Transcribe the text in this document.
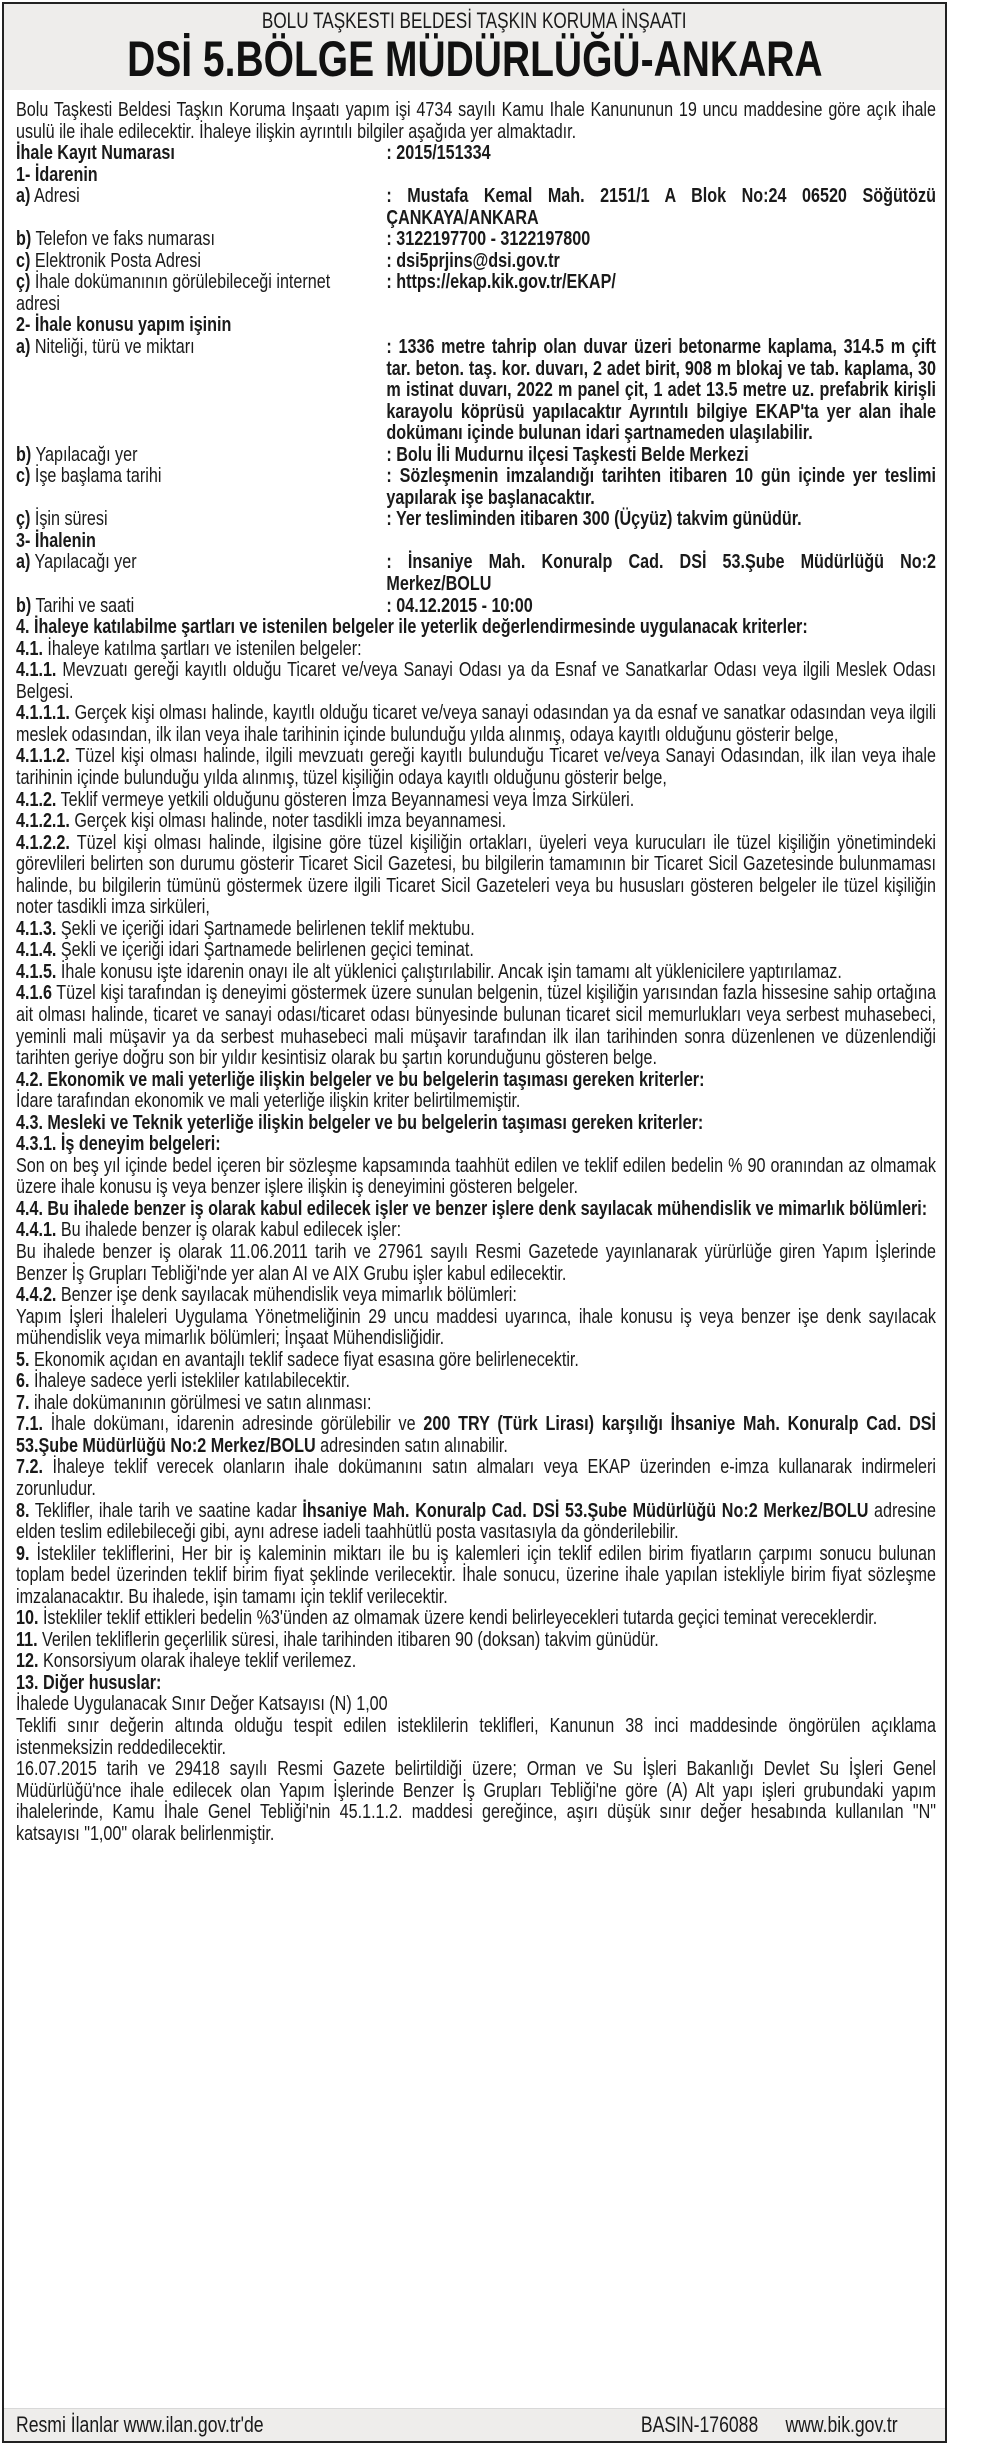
BOLU TAŞKESTI BELDESİ TAŞKIN KORUMA İNŞAATI
DSİ 5.BÖLGE MÜDÜRLÜĞÜ-ANKARA

Bolu Taşkesti Beldesi Taşkın Koruma İnşaatı yapım işi 4734 sayılı Kamu İhale Kanununun 19 uncu maddesine göre açık ihale usulü ile ihale edilecektir. İhaleye ilişkin ayrıntılı bilgiler aşağıda yer almaktadır.

İhale Kayıt Numarası	: 2015/151334
1- İdarenin
a) Adresi	: Mustafa Kemal Mah. 2151/1 A Blok No:24 06520 Söğütözü ÇANKAYA/ANKARA
b) Telefon ve faks numarası	: 3122197700 - 3122197800
c) Elektronik Posta Adresi	: dsi5prjins@dsi.gov.tr
ç) İhale dokümanının görülebileceği internet adresi
: https://ekap.kik.gov.tr/EKAP/
2- İhale konusu yapım işinin
a) Niteliği, türü ve miktarı	: 1336 metre tahrip olan duvar üzeri betonarme kaplama, 314.5 m çift tar. beton. taş. kor. duvarı, 2 adet birit, 908 m blokaj ve tab. kaplama, 30 m istinat duvarı, 2022 m panel çit, 1 adet 13.5 metre uz. prefabrik kirişli karayolu köprüsü yapılacaktır Ayrıntılı bilgiye EKAP'ta yer alan ihale dokümanı içinde bulunan idari şartnameden ulaşılabilir.
b) Yapılacağı yer	: Bolu İli Mudurnu ilçesi Taşkesti Belde Merkezi
c) İşe başlama tarihi	: Sözleşmenin imzalandığı tarihten itibaren 10 gün içinde yer teslimi yapılarak işe başlanacaktır.
ç) İşin süresi	: Yer tesliminden itibaren 300 (Üçyüz) takvim günüdür.
3- İhalenin
a) Yapılacağı yer	: İnsaniye Mah. Konuralp Cad. DSİ 53.Şube Müdürlüğü No:2 Merkez/BOLU
b) Tarihi ve saati	: 04.12.2015 - 10:00

4. İhaleye katılabilme şartları ve istenilen belgeler ile yeterlik değerlendirmesinde uygulanacak kriterler:

4.1. İhaleye katılma şartları ve istenilen belgeler:

4.1.1. Mevzuatı gereği kayıtlı olduğu Ticaret ve/veya Sanayi Odası ya da Esnaf ve Sanatkarlar Odası veya ilgili Meslek Odası Belgesi.

4.1.1.1. Gerçek kişi olması halinde, kayıtlı olduğu ticaret ve/veya sanayi odasından ya da esnaf ve sanatkar odasından veya ilgili meslek odasından, ilk ilan veya ihale tarihinin içinde bulunduğu yılda alınmış, odaya kayıtlı olduğunu gösterir belge,

4.1.1.2. Tüzel kişi olması halinde, ilgili mevzuatı gereği kayıtlı bulunduğu Ticaret ve/veya Sanayi Odasından, ilk ilan veya ihale tarihinin içinde bulunduğu yılda alınmış, tüzel kişiliğin odaya kayıtlı olduğunu gösterir belge,

4.1.2. Teklif vermeye yetkili olduğunu gösteren İmza Beyannamesi veya İmza Sirküleri.

4.1.2.1. Gerçek kişi olması halinde, noter tasdikli imza beyannamesi.

4.1.2.2. Tüzel kişi olması halinde, ilgisine göre tüzel kişiliğin ortakları, üyeleri veya kurucuları ile tüzel kişiliğin yönetimindeki görevlileri belirten son durumu gösterir Ticaret Sicil Gazetesi, bu bilgilerin tamamının bir Ticaret Sicil Gazetesinde bulunmaması halinde, bu bilgilerin tümünü göstermek üzere ilgili Ticaret Sicil Gazeteleri veya bu hususları gösteren belgeler ile tüzel kişiliğin noter tasdikli imza sirküleri,

4.1.3. Şekli ve içeriği idari Şartnamede belirlenen teklif mektubu.

4.1.4. Şekli ve içeriği idari Şartnamede belirlenen geçici teminat.

4.1.5. İhale konusu işte idarenin onayı ile alt yüklenici çalıştırılabilir. Ancak işin tamamı alt yüklenicilere yaptırılamaz.

4.1.6 Tüzel kişi tarafından iş deneyimi göstermek üzere sunulan belgenin, tüzel kişiliğin yarısından fazla hissesine sahip ortağına ait olması halinde, ticaret ve sanayi odası/ticaret odası bünyesinde bulunan ticaret sicil memurlukları veya serbest muhasebeci, yeminli mali müşavir ya da serbest muhasebeci mali müşavir tarafından ilk ilan tarihinden sonra düzenlenen ve düzenlendiği tarihten geriye doğru son bir yıldır kesintisiz olarak bu şartın korunduğunu gösteren belge.

4.2. Ekonomik ve mali yeterliğe ilişkin belgeler ve bu belgelerin taşıması gereken kriterler:

İdare tarafından ekonomik ve mali yeterliğe ilişkin kriter belirtilmemiştir.

4.3. Mesleki ve Teknik yeterliğe ilişkin belgeler ve bu belgelerin taşıması gereken kriterler:

4.3.1. İş deneyim belgeleri:

Son on beş yıl içinde bedel içeren bir sözleşme kapsamında taahhüt edilen ve teklif edilen bedelin % 90 oranından az olmamak üzere ihale konusu iş veya benzer işlere ilişkin iş deneyimini gösteren belgeler.

4.4. Bu ihalede benzer iş olarak kabul edilecek işler ve benzer işlere denk sayılacak mühendislik ve mimarlık bölümleri:

4.4.1. Bu ihalede benzer iş olarak kabul edilecek işler:

Bu ihalede benzer iş olarak 11.06.2011 tarih ve 27961 sayılı Resmi Gazetede yayınlanarak yürürlüğe giren Yapım İşlerinde Benzer İş Grupları Tebliği'nde yer alan AI ve AIX Grubu işler kabul edilecektir.

4.4.2. Benzer işe denk sayılacak mühendislik veya mimarlık bölümleri:

Yapım İşleri İhaleleri Uygulama Yönetmeliğinin 29 uncu maddesi uyarınca, ihale konusu iş veya benzer işe denk sayılacak mühendislik veya mimarlık bölümleri; İnşaat Mühendisliğidir.

5. Ekonomik açıdan en avantajlı teklif sadece fiyat esasına göre belirlenecektir.

6. İhaleye sadece yerli istekliler katılabilecektir.

7. ihale dokümanının görülmesi ve satın alınması:

7.1. İhale dokümanı, idarenin adresinde görülebilir ve 200 TRY (Türk Lirası) karşılığı İhsaniye Mah. Konuralp Cad. DSİ 53.Şube Müdürlüğü No:2 Merkez/BOLU adresinden satın alınabilir.

7.2. İhaleye teklif verecek olanların ihale dokümanını satın almaları veya EKAP üzerinden e-imza kullanarak indirmeleri zorunludur.

8. Teklifler, ihale tarih ve saatine kadar İhsaniye Mah. Konuralp Cad. DSİ 53.Şube Müdürlüğü No:2 Merkez/BOLU adresine elden teslim edilebileceği gibi, aynı adrese iadeli taahhütlü posta vasıtasıyla da gönderilebilir.

9. İstekliler tekliflerini, Her bir iş kaleminin miktarı ile bu iş kalemleri için teklif edilen birim fiyatların çarpımı sonucu bulunan toplam bedel üzerinden teklif birim fiyat şeklinde verilecektir. İhale sonucu, üzerine ihale yapılan istekliyle birim fiyat sözleşme imzalanacaktır. Bu ihalede, işin tamamı için teklif verilecektir.

10. İstekliler teklif ettikleri bedelin %3'ünden az olmamak üzere kendi belirleyecekleri tutarda geçici teminat vereceklerdir.

11. Verilen tekliflerin geçerlilik süresi, ihale tarihinden itibaren 90 (doksan) takvim günüdür.

12. Konsorsiyum olarak ihaleye teklif verilemez.

13. Diğer hususlar:

İhalede Uygulanacak Sınır Değer Katsayısı (N) 1,00

Teklifi sınır değerin altında olduğu tespit edilen isteklilerin teklifleri, Kanunun 38 inci maddesinde öngörülen açıklama istenmeksizin reddedilecektir.

16.07.2015 tarih ve 29418 sayılı Resmi Gazete belirtildiği üzere; Orman ve Su İşleri Bakanlığı Devlet Su İşleri Genel Müdürlüğü'nce ihale edilecek olan Yapım İşlerinde Benzer İş Grupları Tebliği'ne göre (A) Alt yapı işleri grubundaki yapım ihalelerinde, Kamu İhale Genel Tebliği'nin 45.1.1.2. maddesi gereğince, aşırı düşük sınır değer hesabında kullanılan "N" katsayısı "1,00" olarak belirlenmiştir.

Resmi İlanlar www.ilan.gov.tr'de	BASIN-176088 www.bik.gov.tr
